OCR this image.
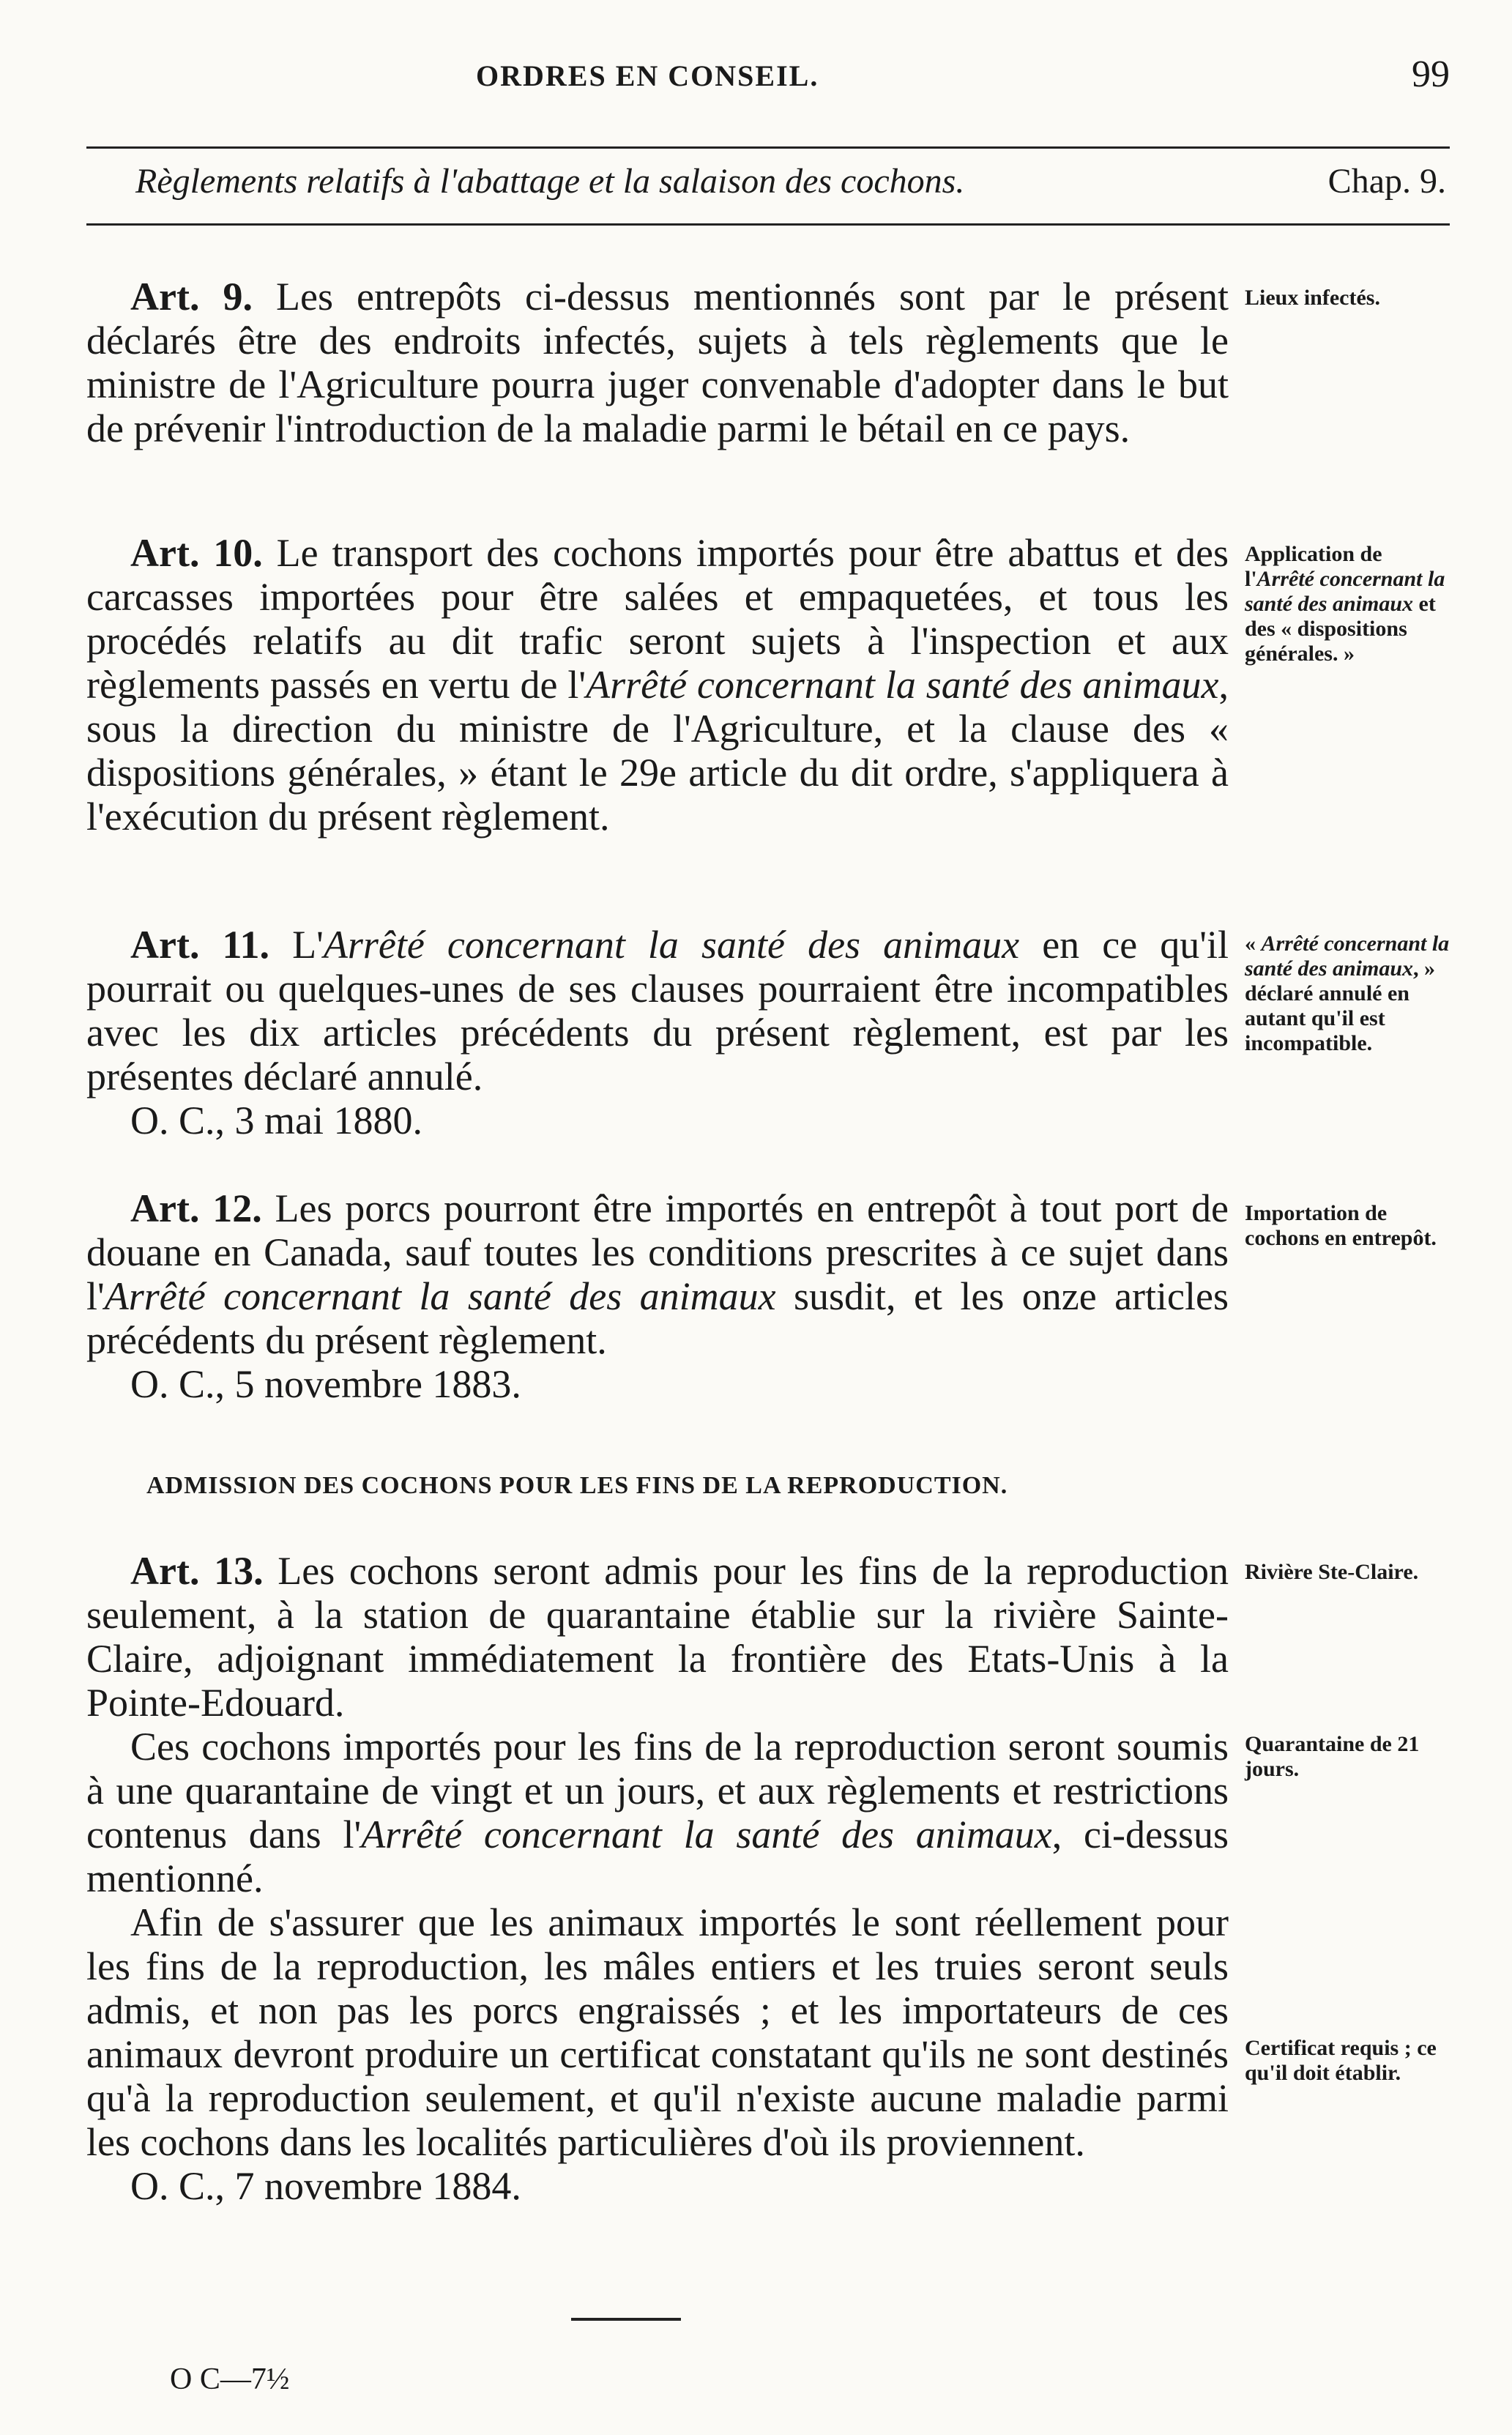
ORDRES EN CONSEIL.	99
Règlements relatifs à l'abattage et la salaison des cochons.	Chap. 9.

Art. 9. Les entrepôts ci-dessus mentionnés sont par le présent déclarés être des endroits infectés, sujets à tels règlements que le ministre de l'Agriculture pourra juger convenable d'adopter dans le but de prévenir l'introduction de la maladie parmi le bétail en ce pays.

Lieux infectés.

Art. 10. Le transport des cochons importés pour être abattus et des carcasses importées pour être salées et empaquetées, et tous les procédés relatifs au dit trafic seront sujets à l'inspection et aux règlements passés en vertu de l'Arrêté concernant la santé des animaux, sous la direction du ministre de l'Agriculture, et la clause des « dispositions générales, » étant le 29e article du dit ordre, s'appliquera à l'exécution du présent règlement.

Application de l'Arrêté concernant la santé des animaux et des « dispositions générales. »

Art. 11. L'Arrêté concernant la santé des animaux en ce qu'il pourrait ou quelques-unes de ses clauses pourraient être incompatibles avec les dix articles précédents du présent règlement, est par les présentes déclaré annulé.

O. C., 3 mai 1880.

« Arrêté concernant la santé des animaux, » déclaré annulé en autant qu'il est incompatible.

Art. 12. Les porcs pourront être importés en entrepôt à tout port de douane en Canada, sauf toutes les conditions prescrites à ce sujet dans l'Arrêté concernant la santé des animaux susdit, et les onze articles précédents du présent règlement.

O. C., 5 novembre 1883.

Importation de cochons en entrepôt.
ADMISSION DES COCHONS POUR LES FINS DE LA REPRODUCTION.

Art. 13. Les cochons seront admis pour les fins de la reproduction seulement, à la station de quarantaine établie sur la rivière Sainte-Claire, adjoignant immédiatement la frontière des Etats-Unis à la Pointe-Edouard.

Ces cochons importés pour les fins de la reproduction seront soumis à une quarantaine de vingt et un jours, et aux règlements et restrictions contenus dans l'Arrêté concernant la santé des animaux, ci-dessus mentionné.

Afin de s'assurer que les animaux importés le sont réellement pour les fins de la reproduction, les mâles entiers et les truies seront seuls admis, et non pas les porcs engraissés ; et les importateurs de ces animaux devront produire un certificat constatant qu'ils ne sont destinés qu'à la reproduction seulement, et qu'il n'existe aucune maladie parmi les cochons dans les localités particulières d'où ils proviennent.

O. C., 7 novembre 1884.

Rivière Ste-Claire.
Quarantaine de 21 jours.
Certificat requis ; ce qu'il doit établir.
O C—7½
